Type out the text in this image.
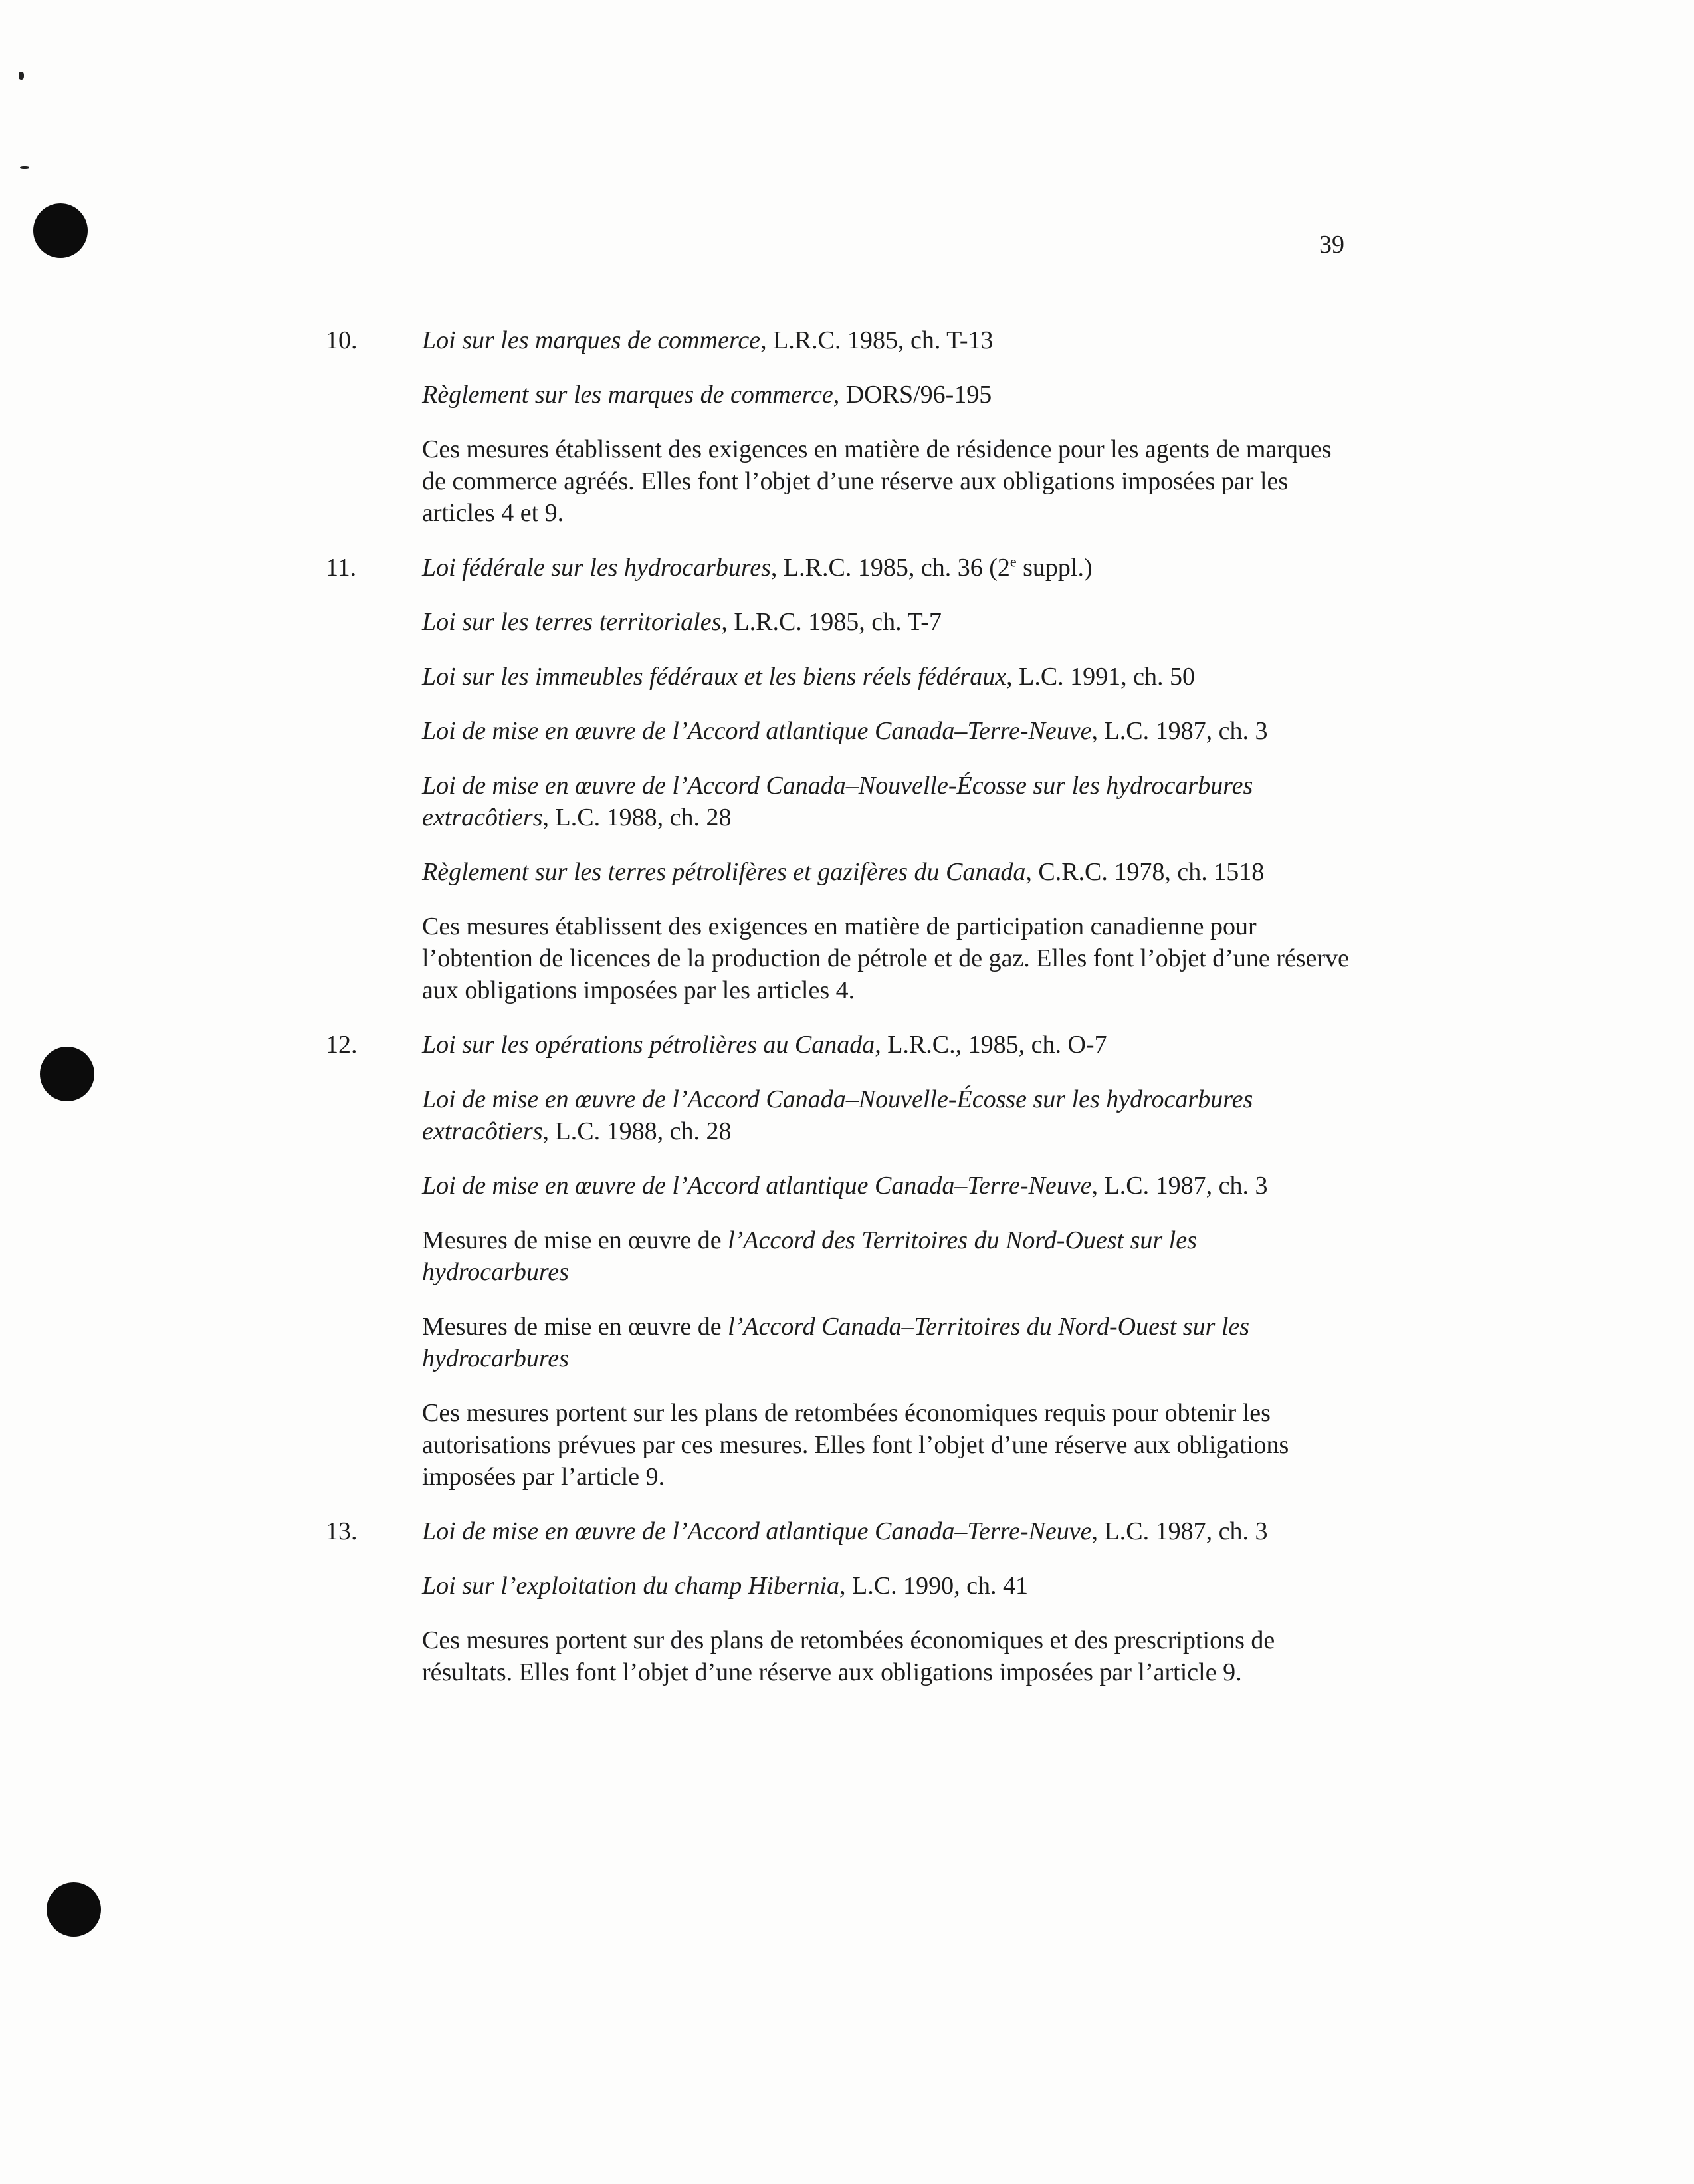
39
10.	Loi sur les marques de commerce, L.R.C. 1985, ch. T-13

Règlement sur les marques de commerce, DORS/96-195

Ces mesures établissent des exigences en matière de résidence pour les agents de marques de commerce agréés. Elles font l’objet d’une réserve aux obligations imposées par les articles 4 et 9.

11.	Loi fédérale sur les hydrocarbures, L.R.C. 1985, ch. 36 (2e suppl.)

Loi sur les terres territoriales, L.R.C. 1985, ch. T-7

Loi sur les immeubles fédéraux et les biens réels fédéraux, L.C. 1991, ch. 50

Loi de mise en œuvre de l’Accord atlantique Canada–Terre-Neuve, L.C. 1987, ch. 3

Loi de mise en œuvre de l’Accord Canada–Nouvelle-Écosse sur les hydrocarbures extracôtiers, L.C. 1988, ch. 28

Règlement sur les terres pétrolifères et gazifères du Canada, C.R.C. 1978, ch. 1518

Ces mesures établissent des exigences en matière de participation canadienne pour l’obtention de licences de la production de pétrole et de gaz. Elles font l’objet d’une réserve aux obligations imposées par les articles 4.

12.	Loi sur les opérations pétrolières au Canada, L.R.C., 1985, ch. O-7

Loi de mise en œuvre de l’Accord Canada–Nouvelle-Écosse sur les hydrocarbures extracôtiers, L.C. 1988, ch. 28

Loi de mise en œuvre de l’Accord atlantique Canada–Terre-Neuve, L.C. 1987, ch. 3

Mesures de mise en œuvre de l’Accord des Territoires du Nord-Ouest sur les hydrocarbures

Mesures de mise en œuvre de l’Accord Canada–Territoires du Nord-Ouest sur les hydrocarbures

Ces mesures portent sur les plans de retombées économiques requis pour obtenir les autorisations prévues par ces mesures. Elles font l’objet d’une réserve aux obligations imposées par l’article 9.

13.	Loi de mise en œuvre de l’Accord atlantique Canada–Terre-Neuve, L.C. 1987, ch. 3

Loi sur l’exploitation du champ Hibernia, L.C. 1990, ch. 41

Ces mesures portent sur des plans de retombées économiques et des prescriptions de résultats. Elles font l’objet d’une réserve aux obligations imposées par l’article 9.
